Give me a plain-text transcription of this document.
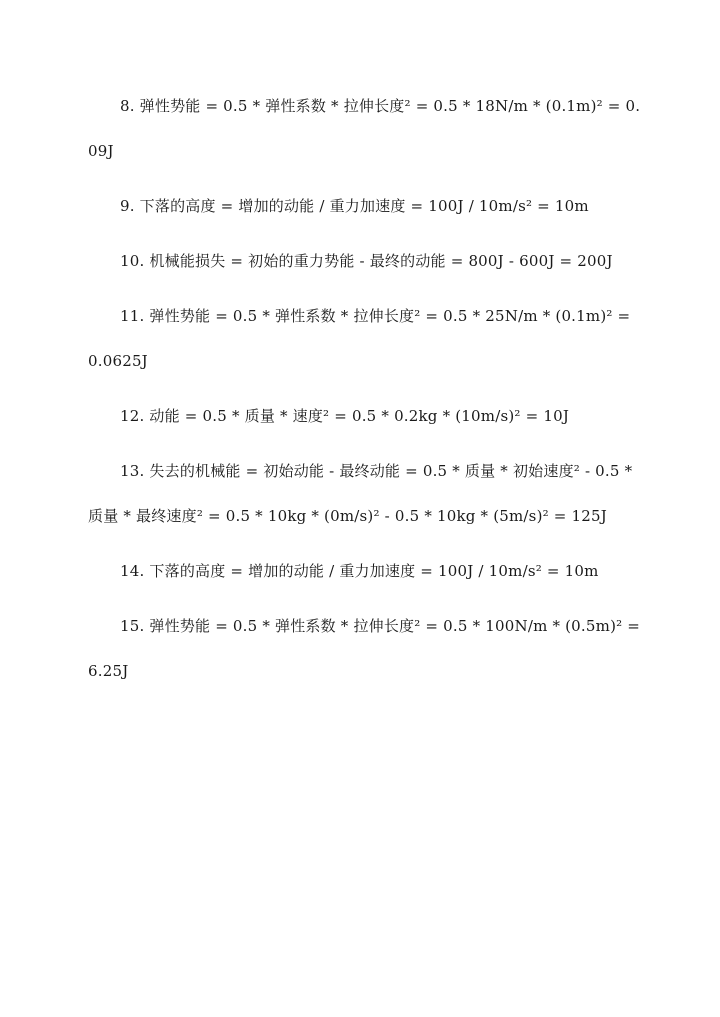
8. 弹性势能 = 0.5 * 弹性系数 * 拉伸长度² = 0.5 * 18N/m * (0.1m)² = 0.09J

9. 下落的高度 = 增加的动能 / 重力加速度 = 100J / 10m/s² = 10m

10. 机械能损失 = 初始的重力势能 - 最终的动能 = 800J - 600J = 200J

11. 弹性势能 = 0.5 * 弹性系数 * 拉伸长度² = 0.5 * 25N/m * (0.1m)² = 0.0625J

12. 动能 = 0.5 * 质量 * 速度² = 0.5 * 0.2kg * (10m/s)² = 10J

13. 失去的机械能 = 初始动能 - 最终动能 = 0.5 * 质量 * 初始速度² - 0.5 * 质量 * 最终速度² = 0.5 * 10kg * (0m/s)² - 0.5 * 10kg * (5m/s)² = 125J

14. 下落的高度 = 增加的动能 / 重力加速度 = 100J / 10m/s² = 10m

15. 弹性势能 = 0.5 * 弹性系数 * 拉伸长度² = 0.5 * 100N/m * (0.5m)² = 6.25J
